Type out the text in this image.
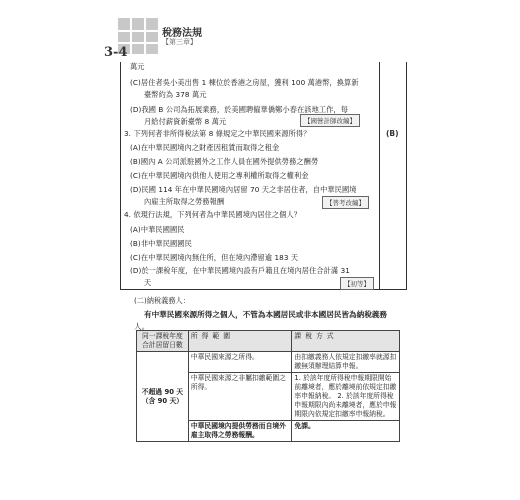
3-4
稅務法規
【第三章】
萬元
(C)居住者吳小美出售 1 棟位於香港之房屋，獲利 100 萬港幣，換算新
臺幣約為 378 萬元
(D)我國 B 公司為拓展業務，於美國聘僱華僑鄭小春在該地工作，每
月給付薪資新臺幣 8 萬元	【國營計師改編】
3. 下列何者非所得稅法第 8 條規定之中華民國來源所得？	(B)
(A)在中華民國境內之財產因租賃而取得之租金
(B)國內 A 公司派駐國外之工作人員在國外提供勞務之酬勞
(C)在中華民國境內供他人使用之專利權所取得之權利金
(D)民國 114 年在中華民國境內居留 70 天之非居住者，自中華民國境
內雇主所取得之勞務報酬	【普考改編】
4. 依現行法規，下列何者為中華民國境內居住之個人？
(A)中華民國國民
(B)非中華民國國民
(C)在中華民國境內無住所，但在境內滯留逾 183 天
(D)於一課稅年度，在中華民國境內設有戶籍且在境內居住合計滿 31
天	【初等】
(二)納稅義務人：
有中華民國來源所得之個人，不管為本國居民或非本國居民皆為納稅義務
人。
同一課稅年度
合計居留日數	所得範圍	課稅方式

不超過 90 天
（含 90 天）	中華民國來源之所得。	由扣繳義務人依規定扣繳率就源扣繳無須辦理結算申報。

	中華民國來源之非屬扣繳範圍之所得。	1. 於該年度所得稅申報期限開始前離境者，應於離境前依規定扣繳率申報納稅。 2. 於該年度所得稅申報期限內尚未離境者，應於申報期限內依規定扣繳率申報納稅。

	中華民國境內提供勞務而自境外雇主取得之勞務報酬。	免課。
